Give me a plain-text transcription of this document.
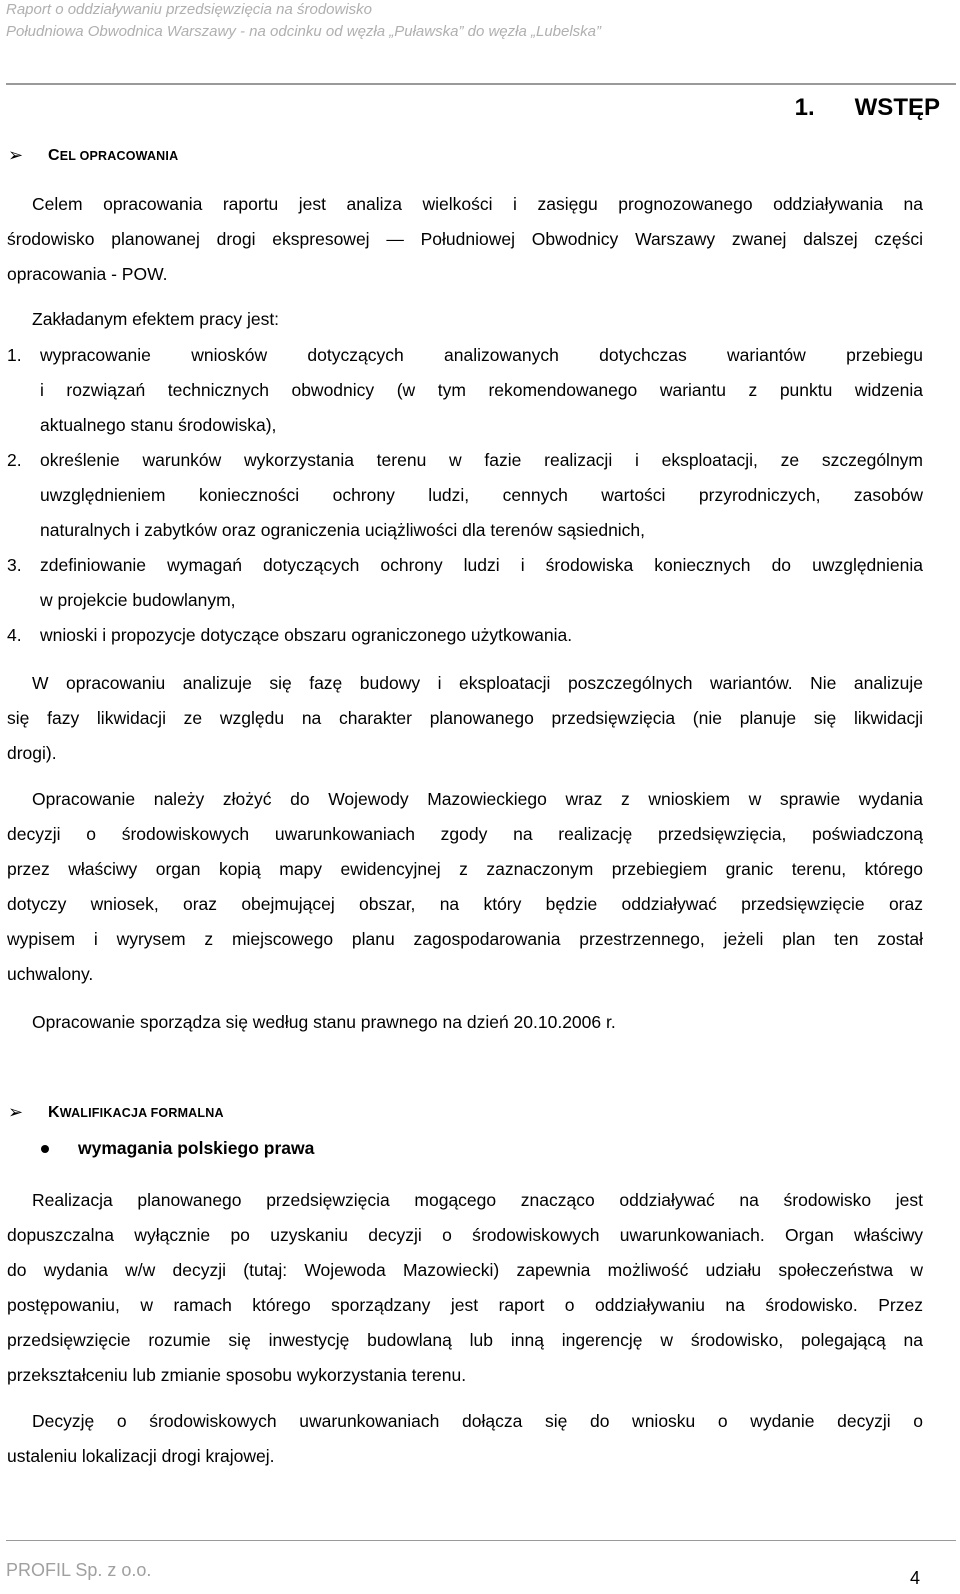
Raport o oddziaływaniu przedsięwzięcia na środowisko
Południowa Obwodnica Warszawy - na odcinku od węzła „Puławska” do węzła „Lubelska”
1. WSTĘP
➢	CEL OPRACOWANIA
Celem opracowania raportu jest analiza wielkości i zasięgu prognozowanego oddziaływania na
środowisko planowanej drogi ekspresowej — Południowej Obwodnicy Warszawy zwanej dalszej części
opracowania - POW.
Zakładanym efektem pracy jest:
1. wypracowanie wniosków dotyczących analizowanych dotychczas wariantów przebiegu
i rozwiązań technicznych obwodnicy (w tym rekomendowanego wariantu z punktu widzenia
aktualnego stanu środowiska),
2. określenie warunków wykorzystania terenu w fazie realizacji i eksploatacji, ze szczególnym
uwzględnieniem konieczności ochrony ludzi, cennych wartości przyrodniczych, zasobów
naturalnych i zabytków oraz ograniczenia uciążliwości dla terenów sąsiednich,
3. zdefiniowanie wymagań dotyczących ochrony ludzi i środowiska koniecznych do uwzględnienia
w projekcie budowlanym,
4. wnioski i propozycje dotyczące obszaru ograniczonego użytkowania.
W opracowaniu analizuje się fazę budowy i eksploatacji poszczególnych wariantów. Nie analizuje
się fazy likwidacji ze względu na charakter planowanego przedsięwzięcia (nie planuje się likwidacji
drogi).
Opracowanie należy złożyć do Wojewody Mazowieckiego wraz z wnioskiem w sprawie wydania
decyzji o środowiskowych uwarunkowaniach zgody na realizację przedsięwzięcia, poświadczoną
przez właściwy organ kopią mapy ewidencyjnej z zaznaczonym przebiegiem granic terenu, którego
dotyczy wniosek, oraz obejmującej obszar, na który będzie oddziaływać przedsięwzięcie oraz
wypisem i wyrysem z miejscowego planu zagospodarowania przestrzennego, jeżeli plan ten został
uchwalony.
Opracowanie sporządza się według stanu prawnego na dzień 20.10.2006 r.
➢	KWALIFIKACJA FORMALNA
wymagania polskiego prawa
Realizacja planowanego przedsięwzięcia mogącego znacząco oddziaływać na środowisko jest
dopuszczalna wyłącznie po uzyskaniu decyzji o środowiskowych uwarunkowaniach. Organ właściwy
do wydania w/w decyzji (tutaj: Wojewoda Mazowiecki) zapewnia możliwość udziału społeczeństwa w
postępowaniu, w ramach którego sporządzany jest raport o oddziaływaniu na środowisko. Przez
przedsięwzięcie rozumie się inwestycję budowlaną lub inną ingerencję w środowisko, polegającą na
przekształceniu lub zmianie sposobu wykorzystania terenu.
Decyzję o środowiskowych uwarunkowaniach dołącza się do wniosku o wydanie decyzji o
ustaleniu lokalizacji drogi krajowej.
PROFIL Sp. z o.o.	4
